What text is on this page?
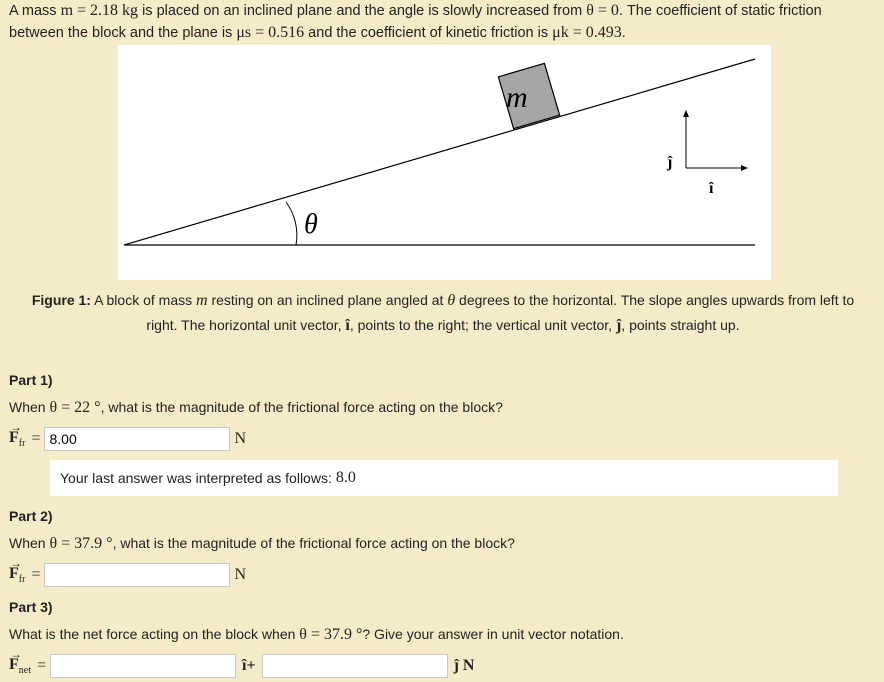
A mass m = 2.18 kg is placed on an inclined plane and the angle is slowly increased from θ = 0. The coefficient of static friction
between the block and the plane is μs = 0.516 and the coefficient of kinetic friction is μk = 0.493.
θ
m
ĵ
î
Figure 1: A block of mass m resting on an inclined plane angled at θ degrees to the horizontal. The slope angles upwards from left to
right. The horizontal unit vector, î, points to the right; the vertical unit vector, ĵ, points straight up.
Part 1)
When θ = 22 °, what is the magnitude of the frictional force acting on the block?
→
$F_{fr}$ =
8.00	N
Your last answer was interpreted as follows: 8.0
Part 2)
When θ = 37.9 °, what is the magnitude of the frictional force acting on the block?
→
$F_{fr}$ =	N
Part 3)
What is the net force acting on the block when θ = 37.9 °? Give your answer in unit vector notation.
→
$F_{net}$ =	î+	ĵ N
